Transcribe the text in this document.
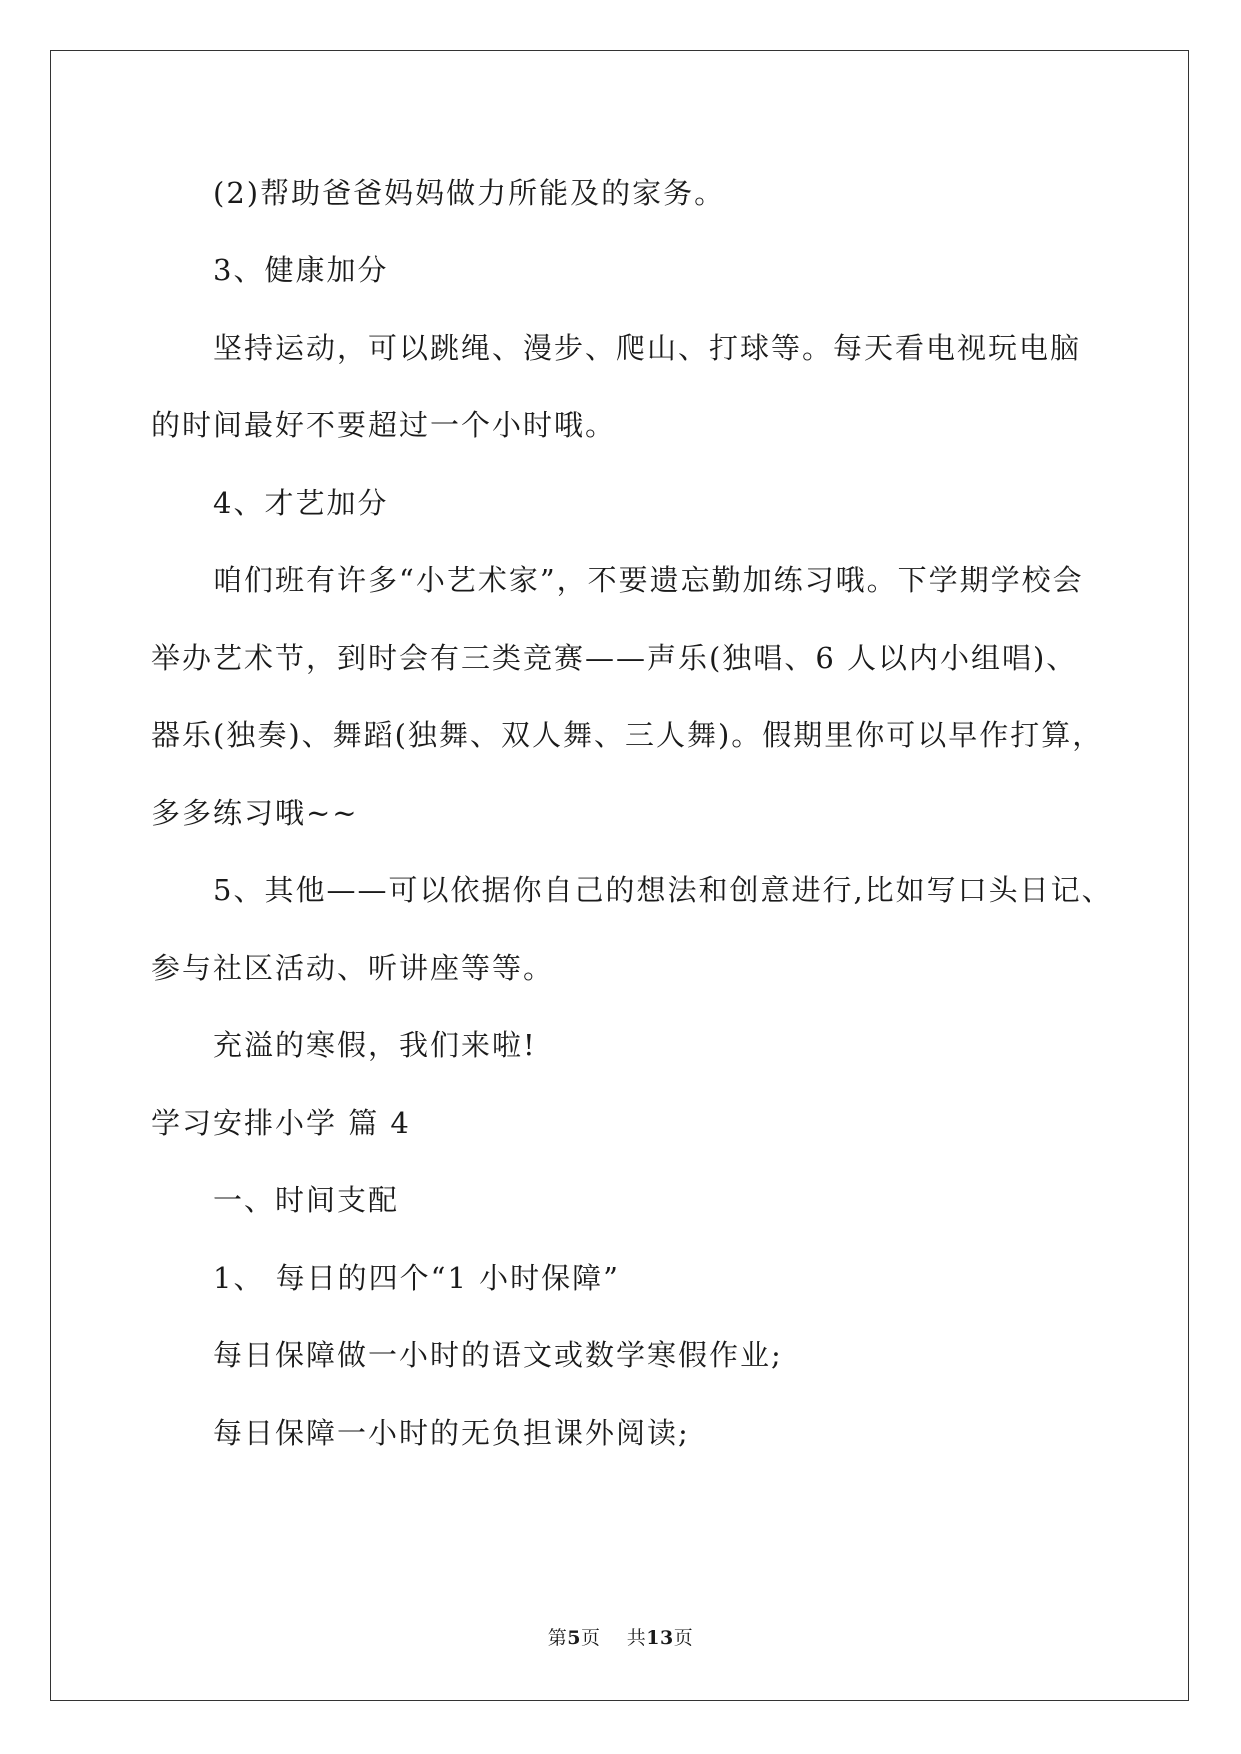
(2)帮助爸爸妈妈做力所能及的家务。
3、健康加分
坚持运动，可以跳绳、漫步、爬山、打球等。每天看电视玩电脑
的时间最好不要超过一个小时哦。
4、才艺加分
咱们班有许多“小艺术家”，不要遗忘勤加练习哦。下学期学校会
举办艺术节，到时会有三类竞赛——声乐(独唱、6 人以内小组唱)、
器乐(独奏)、舞蹈(独舞、双人舞、三人舞)。假期里你可以早作打算，
多多练习哦~~
5、其他——可以依据你自己的想法和创意进行,比如写口头日记、
参与社区活动、听讲座等等。
充溢的寒假，我们来啦!
学习安排小学 篇 4
一、时间支配
1、 每日的四个“1 小时保障”
每日保障做一小时的语文或数学寒假作业;
每日保障一小时的无负担课外阅读;
第5页 共13页
